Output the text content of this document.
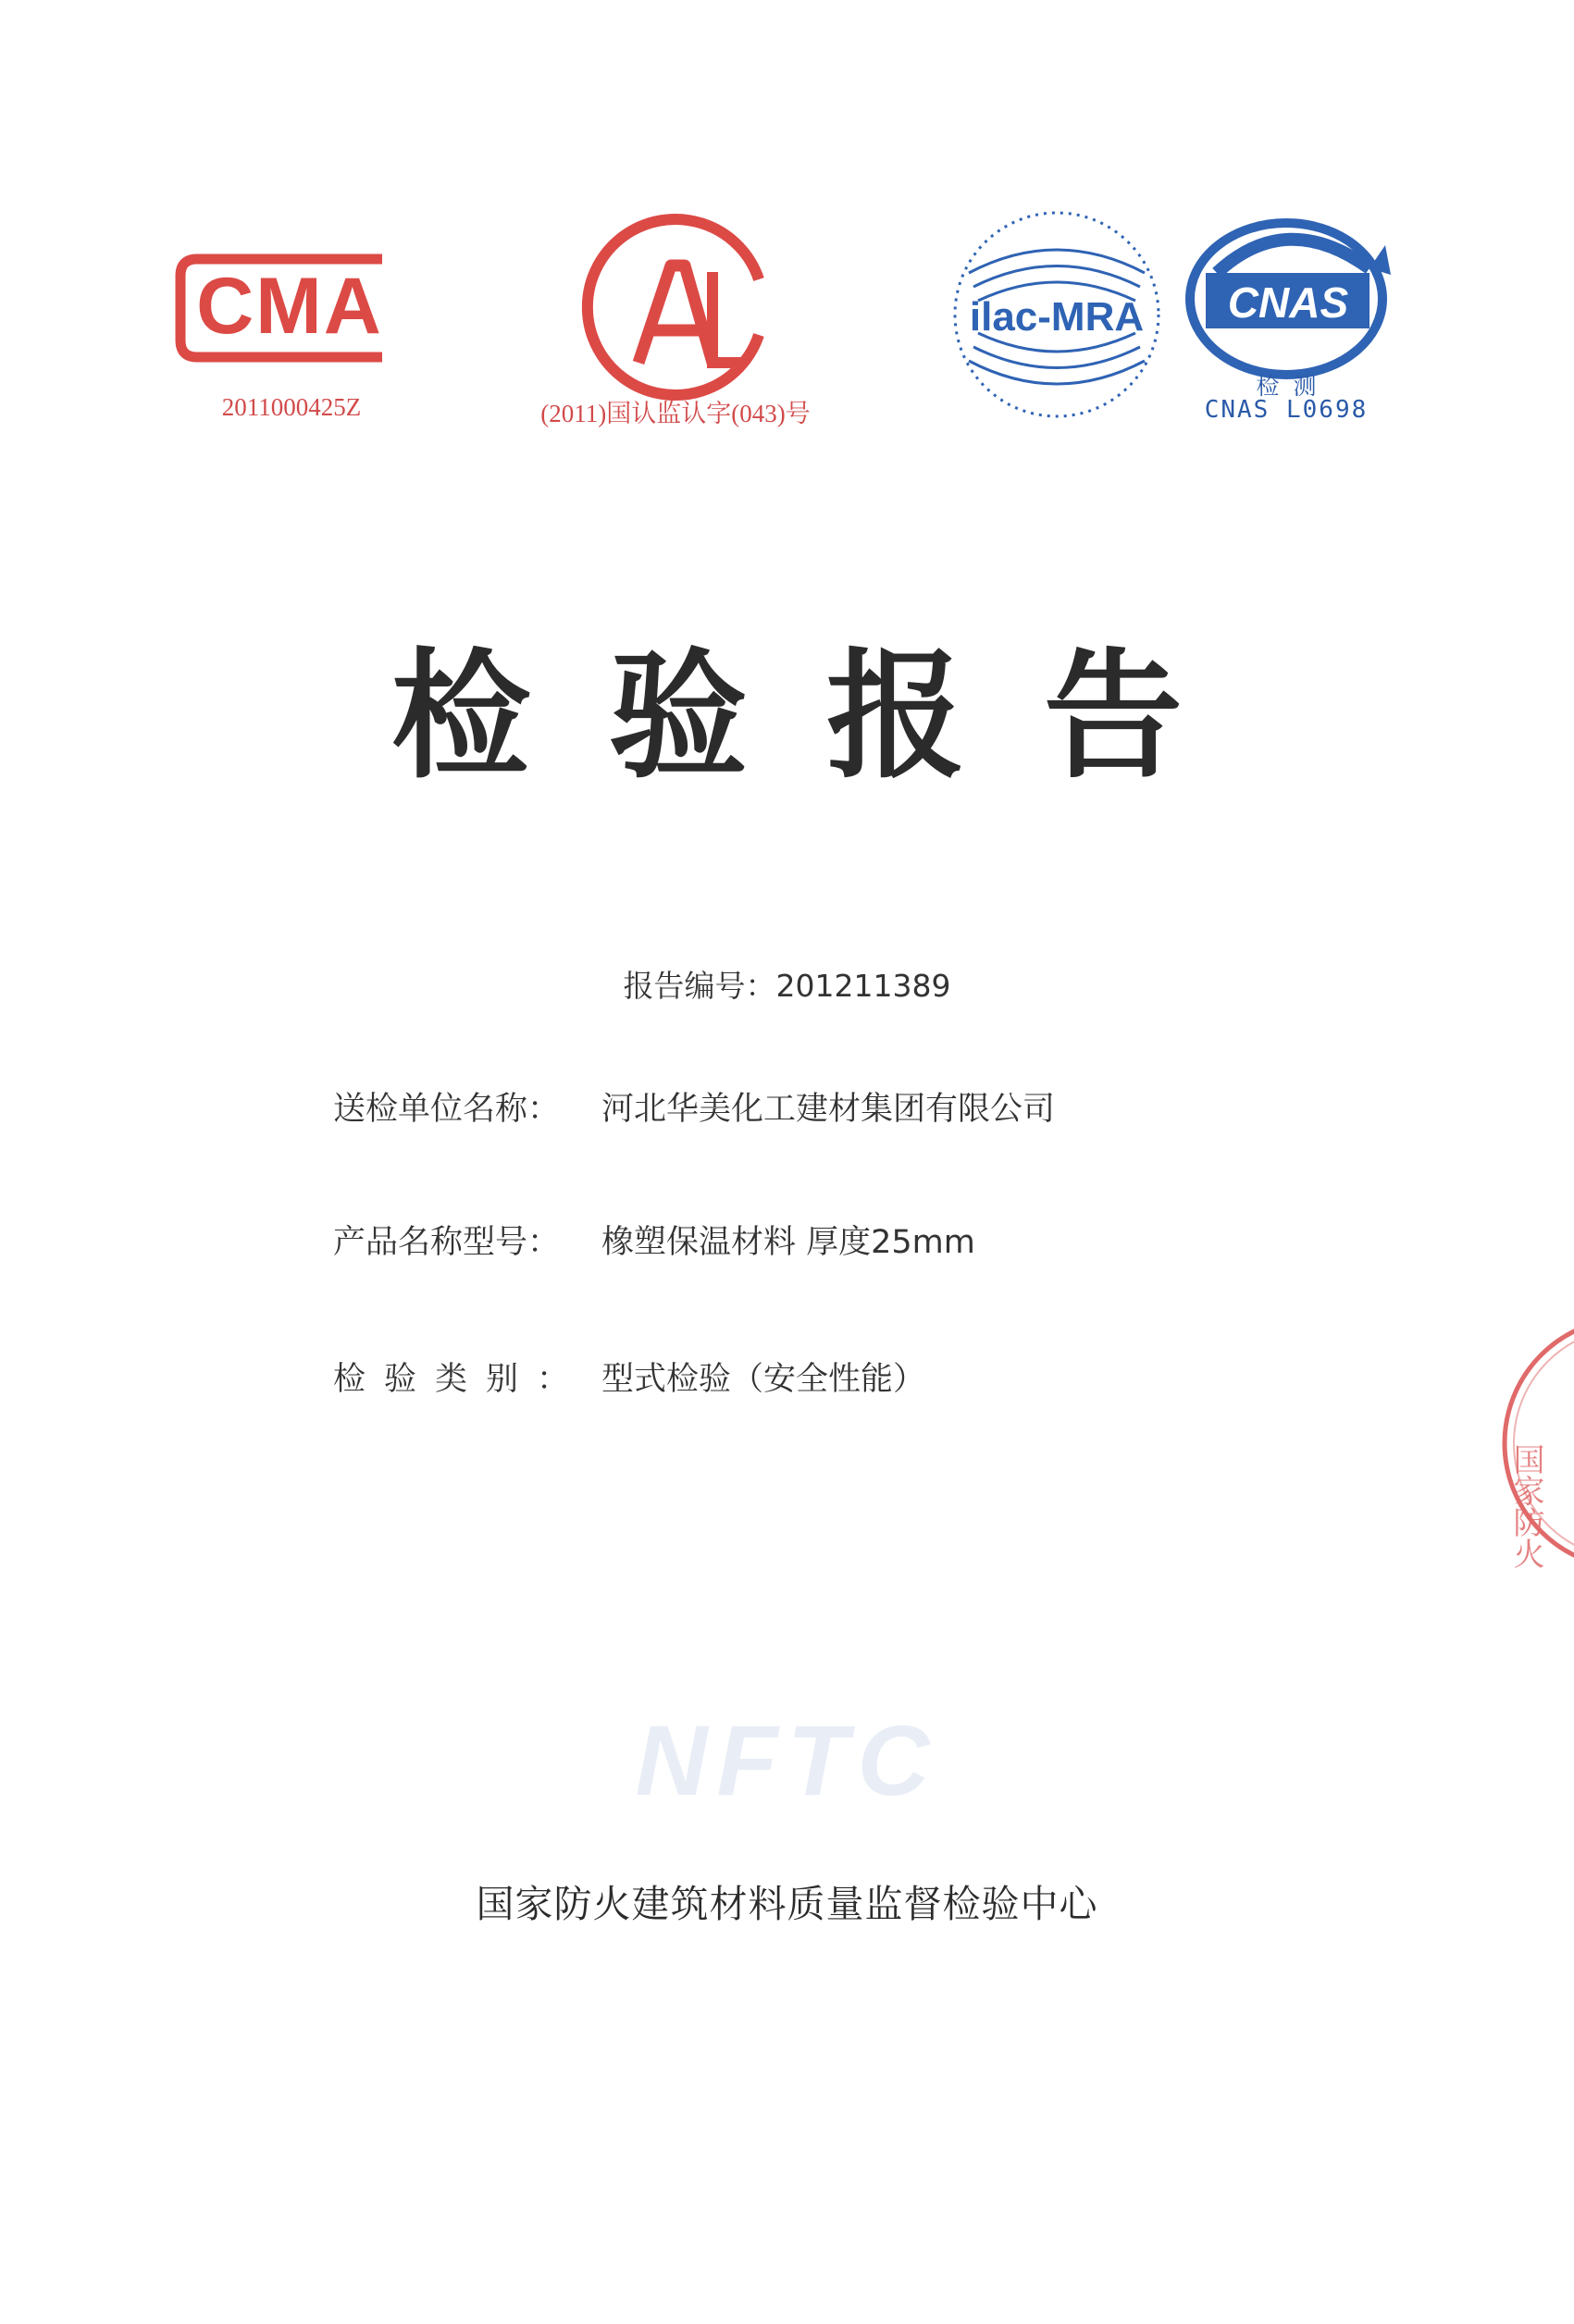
CMA
2011000425Z	(2011)国认监认字(043)号
ilac-MRA CNAS
检 测
CNAS L0698
检验报告
报告编号：201211389
送检单位名称： 河北华美化工建材集团有限公司
产品名称型号： 橡塑保温材料 厚度25mm
检验类别： 型式检验（安全性能）
NFTC
国家防火建筑材料质量监督检验中心
国家防火
